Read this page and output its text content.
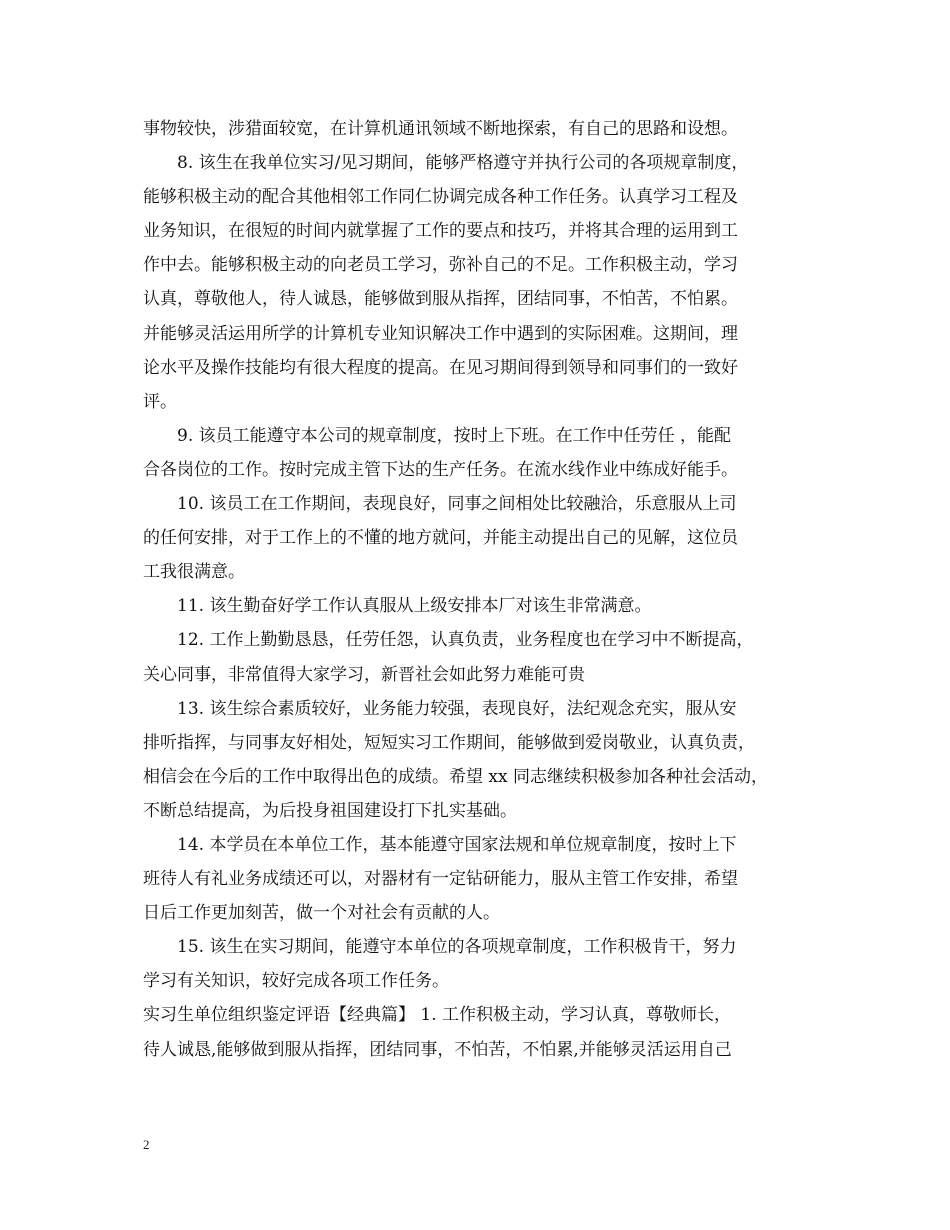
事物较快，涉猎面较宽，在计算机通讯领域不断地探索，有自己的思路和设想。
8. 该生在我单位实习/见习期间，能够严格遵守并执行公司的各项规章制度，
能够积极主动的配合其他相邻工作同仁协调完成各种工作任务。认真学习工程及
业务知识，在很短的时间内就掌握了工作的要点和技巧，并将其合理的运用到工
作中去。能够积极主动的向老员工学习，弥补自己的不足。工作积极主动，学习
认真，尊敬他人，待人诚恳，能够做到服从指挥，团结同事，不怕苦，不怕累。
并能够灵活运用所学的计算机专业知识解决工作中遇到的实际困难。这期间，理
论水平及操作技能均有很大程度的提高。在见习期间得到领导和同事们的一致好
评。
9. 该员工能遵守本公司的规章制度，按时上下班。在工作中任劳任 ，能配
合各岗位的工作。按时完成主管下达的生产任务。在流水线作业中练成好能手。
10. 该员工在工作期间，表现良好，同事之间相处比较融洽，乐意服从上司
的任何安排，对于工作上的不懂的地方就问，并能主动提出自己的见解，这位员
工我很满意。
11. 该生勤奋好学工作认真服从上级安排本厂对该生非常满意。
12. 工作上勤勤恳恳，任劳任怨，认真负责，业务程度也在学习中不断提高，
关心同事，非常值得大家学习，新晋社会如此努力难能可贵
13. 该生综合素质较好，业务能力较强，表现良好，法纪观念充实，服从安
排听指挥，与同事友好相处，短短实习工作期间，能够做到爱岗敬业，认真负责，
相信会在今后的工作中取得出色的成绩。希望 xx 同志继续积极参加各种社会活动，
不断总结提高，为后投身祖国建设打下扎实基础。
14. 本学员在本单位工作，基本能遵守国家法规和单位规章制度，按时上下
班待人有礼业务成绩还可以，对器材有一定钻研能力，服从主管工作安排，希望
日后工作更加刻苦，做一个对社会有贡献的人。
15. 该生在实习期间，能遵守本单位的各项规章制度，工作积极肯干，努力
学习有关知识，较好完成各项工作任务。
实习生单位组织鉴定评语【经典篇】 1. 工作积极主动，学习认真，尊敬师长，
待人诚恳,能够做到服从指挥，团结同事，不怕苦，不怕累,并能够灵活运用自己
2
